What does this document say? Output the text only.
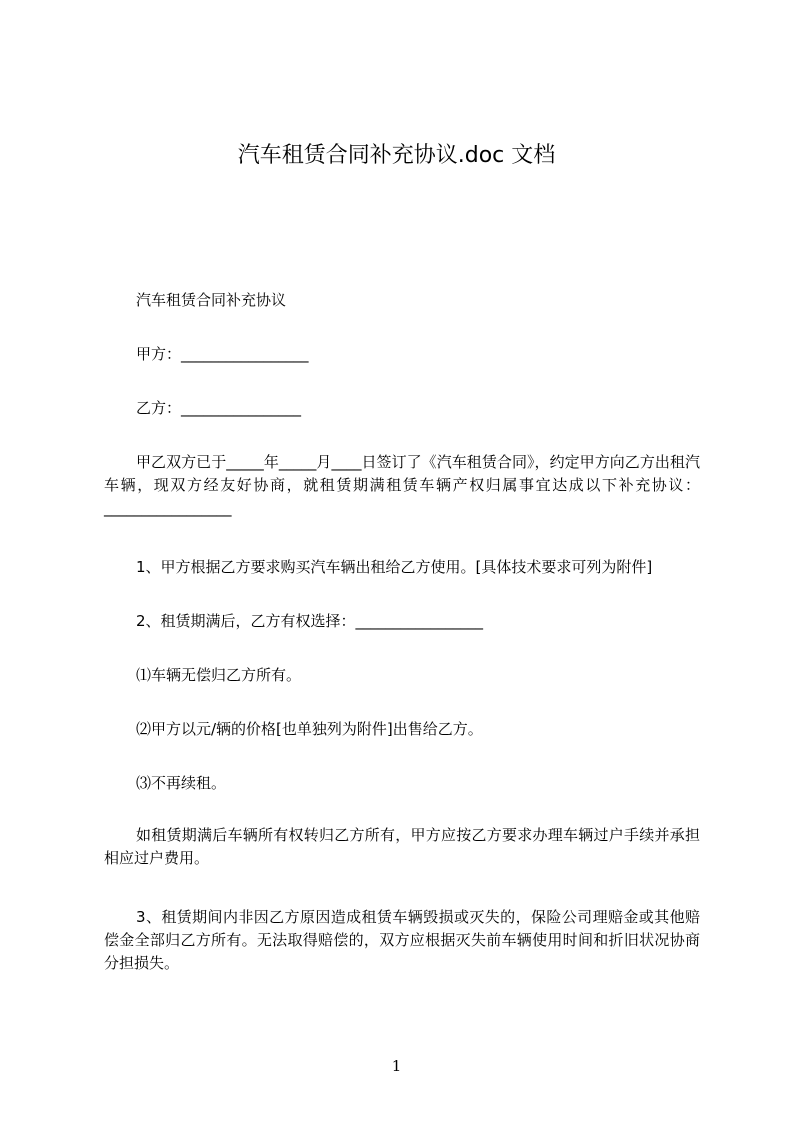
汽车租赁合同补充协议.doc 文档

汽车租赁合同补充协议

甲方：_________________

乙方：________________

甲乙双方已于_____年_____月____日签订了《汽车租赁合同》，约定甲方向乙方出租汽车辆，现双方经友好协商，就租赁期满租赁车辆产权归属事宜达成以下补充协议：_________________

1、甲方根据乙方要求购买汽车辆出租给乙方使用。[具体技术要求可列为附件]

2、租赁期满后，乙方有权选择：_________________

⑴车辆无偿归乙方所有。

⑵甲方以元/辆的价格[也单独列为附件]出售给乙方。

⑶不再续租。

如租赁期满后车辆所有权转归乙方所有，甲方应按乙方要求办理车辆过户手续并承担相应过户费用。

3、租赁期间内非因乙方原因造成租赁车辆毁损或灭失的，保险公司理赔金或其他赔偿金全部归乙方所有。无法取得赔偿的，双方应根据灭失前车辆使用时间和折旧状况协商分担损失。

1
